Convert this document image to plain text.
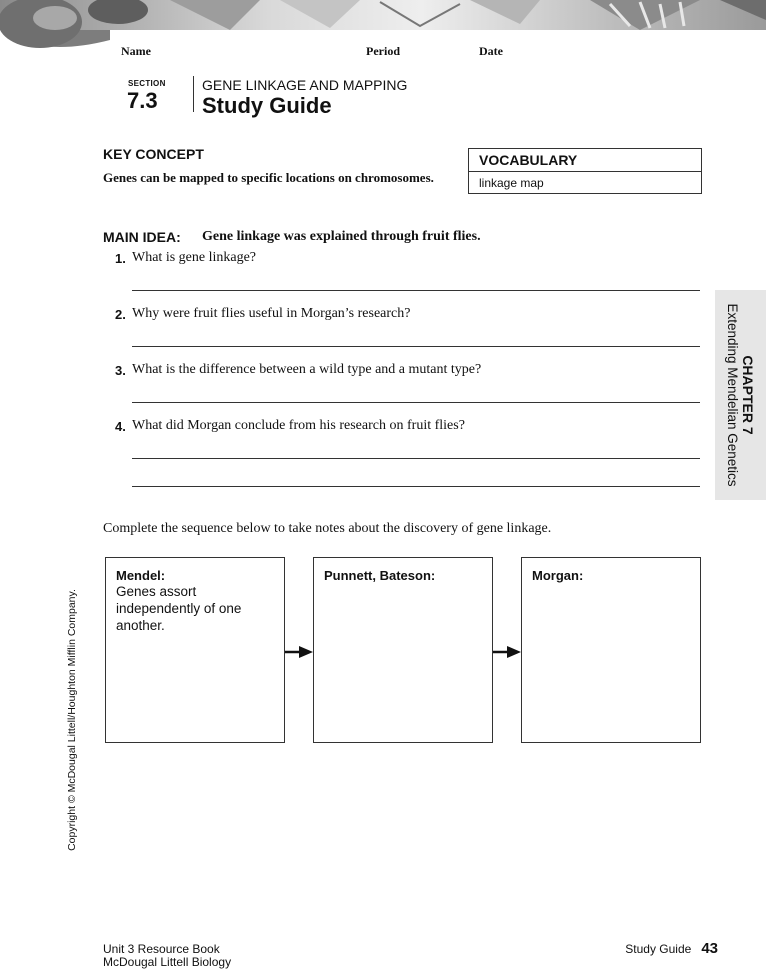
Name	Period	Date
SECTION
7.3
GENE LINKAGE AND MAPPING
Study Guide
KEY CONCEPT
Genes can be mapped to specific locations on chromosomes.
VOCABULARY
linkage map
MAIN IDEA: Gene linkage was explained through fruit flies.
1. What is gene linkage?
2. Why were fruit flies useful in Morgan’s research?
3. What is the difference between a wild type and a mutant type?
4. What did Morgan conclude from his research on fruit flies?
Complete the sequence below to take notes about the discovery of gene linkage.
Mendel:
Genes assort independently of one another.
Punnett, Bateson:	Morgan:
CHAPTER 7
Extending Mendelian Genetics
Copyright © McDougal Littell/Houghton Mifflin Company.
Unit 3 Resource Book
McDougal Littell Biology
Study Guide 43
